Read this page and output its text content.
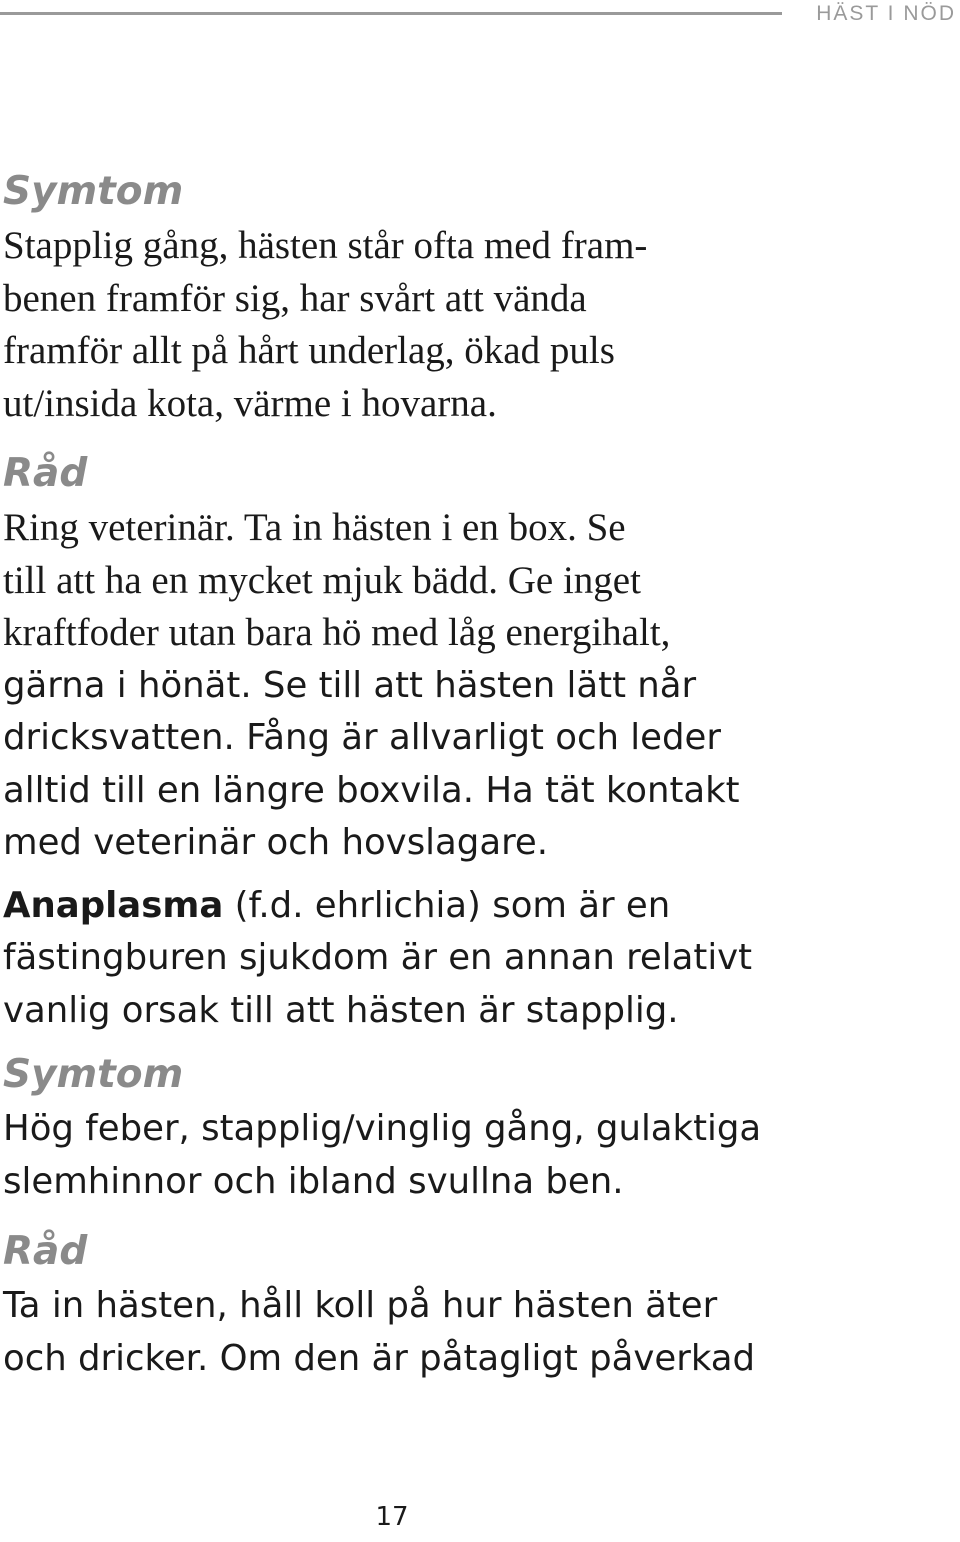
HÄST I NÖD
Symtom

Stapplig gång, hästen står ofta med fram-
benen framför sig, har svårt att vända
framför allt på hårt underlag, ökad puls
ut/insida kota, värme i hovarna.

Råd

Ring veterinär. Ta in hästen i en box. Se
till att ha en mycket mjuk bädd. Ge inget
kraftfoder utan bara hö med låg energihalt,
gärna i hönät. Se till att hästen lätt når
dricksvatten. Fång är allvarligt och leder
alltid till en längre boxvila. Ha tät kontakt
med veterinär och hovslagare.

Anaplasma (f.d. ehrlichia) som är en
fästingburen sjukdom är en annan relativt
vanlig orsak till att hästen är stapplig.

Symtom

Hög feber, stapplig/vinglig gång, gulaktiga
slemhinnor och ibland svullna ben.

Råd

Ta in hästen, håll koll på hur hästen äter
och dricker. Om den är påtagligt påverkad

17
